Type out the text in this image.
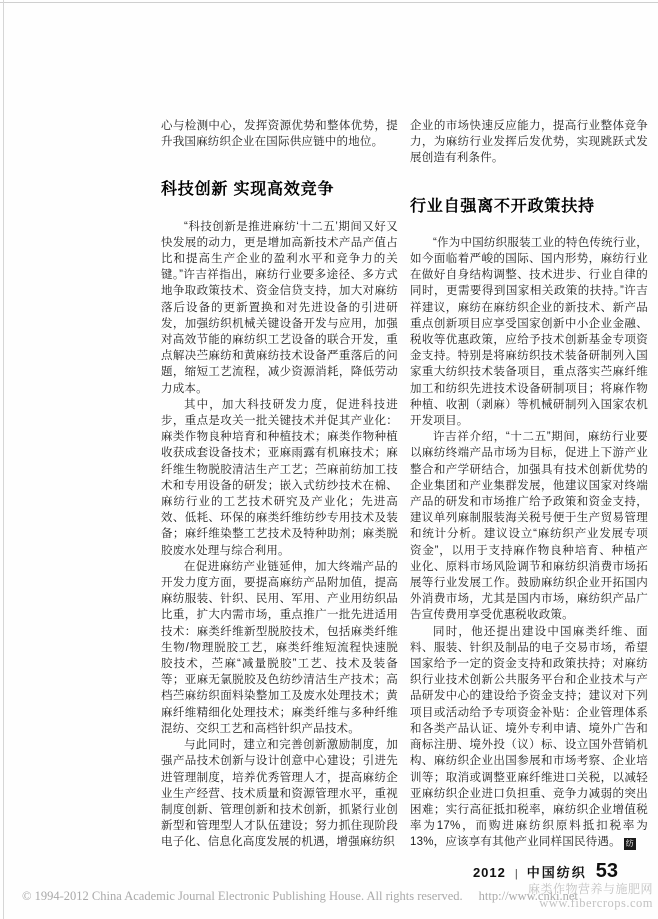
心与检测中心，发挥资源优势和整体优势，提升我国麻纺织企业在国际供应链中的地位。

科技创新 实现高效竞争

“科技创新是推进麻纺‘十二五’期间又好又快发展的动力，更是增加高新技术产品产值占比和提高生产企业的盈利水平和竞争力的关键。”许吉祥指出，麻纺行业要多途径、多方式地争取政策技术、资金信贷支持，加大对麻纺落后设备的更新置换和对先进设备的引进研发，加强纺织机械关键设备开发与应用，加强对高效节能的麻纺织工艺设备的联合开发，重点解决苎麻纺和黄麻纺技术设备严重落后的问题，缩短工艺流程，减少资源消耗，降低劳动力成本。

其中，加大科技研发力度，促进科技进步，重点是攻关一批关键技术并促其产业化：麻类作物良种培育和种植技术；麻类作物种植收获成套设备技术；亚麻雨露有机麻技术；麻纤维生物脱胶清洁生产工艺；苎麻前纺加工技术和专用设备的研发；嵌入式纺纱技术在棉、麻纺行业的工艺技术研究及产业化；先进高效、低耗、环保的麻类纤维纺纱专用技术及装备；麻纤维染整工艺技术及特种助剂；麻类脱胶废水处理与综合利用。

在促进麻纺产业链延伸，加大终端产品的开发力度方面，要提高麻纺产品附加值，提高麻纺服装、针织、民用、军用、产业用纺织品比重，扩大内需市场，重点推广一批先进适用技术：麻类纤维新型脱胶技术，包括麻类纤维生物/物理脱胶工艺，麻类纤维短流程快速脱胶技术，苎麻“减量脱胶”工艺、技术及装备等；亚麻无氯脱胶及色纺纱清洁生产技术；高档苎麻纺织面料染整加工及废水处理技术；黄麻纤维精细化处理技术；麻类纤维与多种纤维混纺、交织工艺和高档针织产品技术。

与此同时，建立和完善创新激励制度，加强产品技术创新与设计创意中心建设；引进先进管理制度，培养优秀管理人才，提高麻纺企业生产经营、技术质量和资源管理水平，重视制度创新、管理创新和技术创新，抓紧行业创新型和管理型人才队伍建设；努力抓住现阶段电子化、信息化高度发展的机遇，增强麻纺织

企业的市场快速反应能力，提高行业整体竞争力，为麻纺行业发挥后发优势，实现跳跃式发展创造有利条件。

行业自强离不开政策扶持

“作为中国纺织服装工业的特色传统行业，如今面临着严峻的国际、国内形势，麻纺行业在做好自身结构调整、技术进步、行业自律的同时，更需要得到国家相关政策的扶持。”许吉祥建议，麻纺在麻纺织企业的新技术、新产品重点创新项目应享受国家创新中小企业金融、税收等优惠政策，应给予技术创新基金专项资金支持。特别是将麻纺织技术装备研制列入国家重大纺织技术装备项目，重点落实苎麻纤维加工和纺织先进技术设备研制项目；将麻作物种植、收割（剥麻）等机械研制列入国家农机开发项目。

许吉祥介绍，“十二五”期间，麻纺行业要以麻纺终端产品市场为目标，促进上下游产业整合和产学研结合，加强具有技术创新优势的企业集团和产业集群发展，他建议国家对终端产品的研发和市场推广给予政策和资金支持，建议单列麻制服装海关税号便于生产贸易管理和统计分析。建议设立“麻纺织产业发展专项资金”，以用于支持麻作物良种培育、种植产业化、原料市场风险调节和麻纺织消费市场拓展等行业发展工作。鼓励麻纺织企业开拓国内外消费市场，尤其是国内市场，麻纺织产品广告宣传费用享受优惠税收政策。

同时，他还提出建设中国麻类纤维、面料、服装、针织及制品的电子交易市场，希望国家给予一定的资金支持和政策扶持；对麻纺织行业技术创新公共服务平台和企业技术与产品研发中心的建设给予资金支持；建议对下列项目或活动给予专项资金补贴：企业管理体系和各类产品认证、境外专利申请、境外广告和商标注册、境外投（议）标、设立国外营销机构、麻纺织企业出国参展和市场考察、企业培训等；取消或调整亚麻纤维进口关税，以减轻亚麻纺织企业进口负担重、竞争力减弱的突出困难；实行高征抵扣税率，麻纺织企业增值税率为17%，而购进麻纺织原料抵扣税率为13%，应该享有其他产业同样国民待遇。 纺

2012 | 中国纺织 53
© 1994-2012 China Academic Journal Electronic Publishing House. All rights reserved. http://www.cnki.net
麻类作物营养与施肥网
www.fibercrops.com
